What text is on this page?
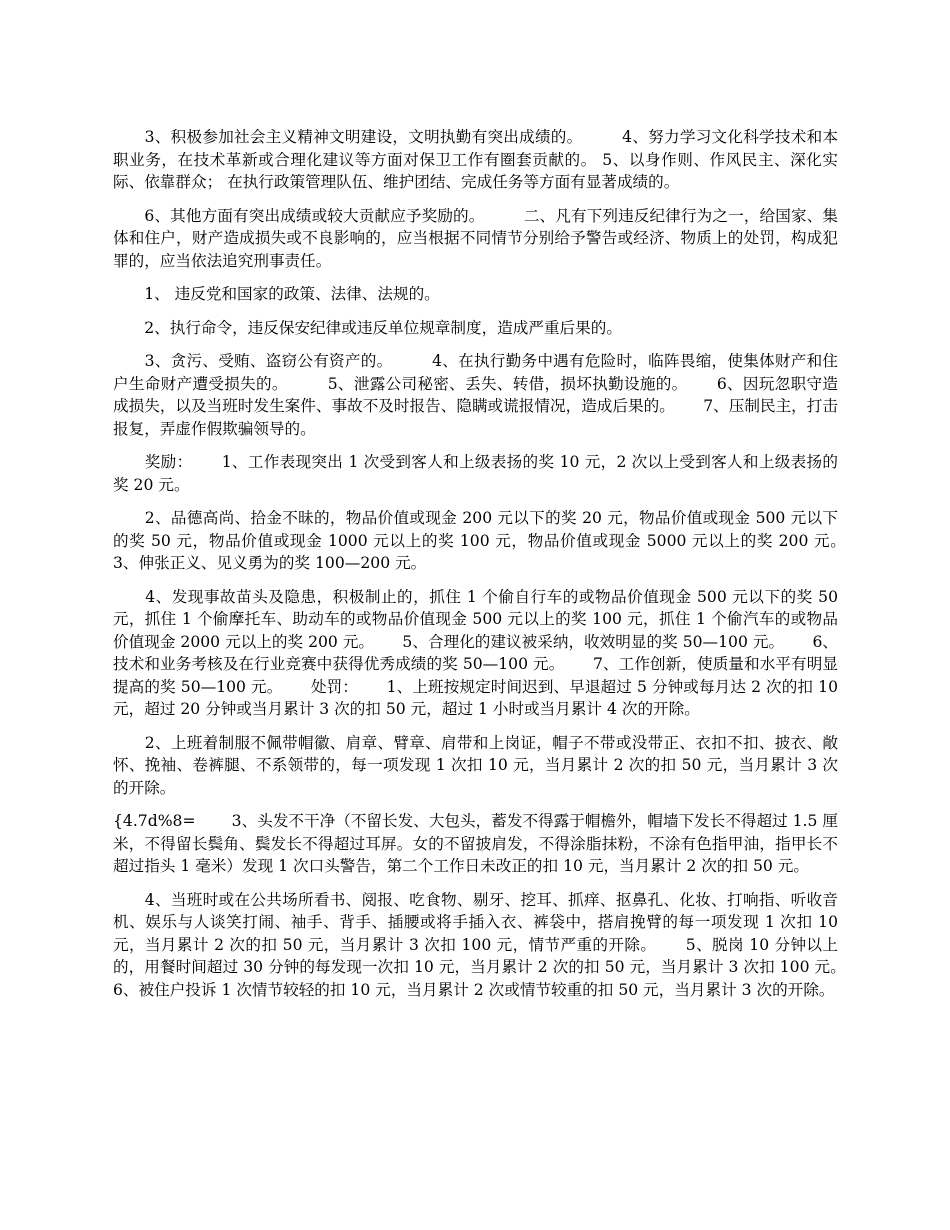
　　3、积极参加社会主义精神文明建设，文明执勤有突出成绩的。　　　4、努力学习文化科学技术和本职业务，在技术革新或合理化建议等方面对保卫工作有圈套贡献的。 5、以身作则、作风民主、深化实际、依靠群众； 在执行政策管理队伍、维护团结、完成任务等方面有显著成绩的。

　　6、其他方面有突出成绩或较大贡献应予奖励的。　　　二、凡有下列违反纪律行为之一，给国家、集体和住户，财产造成损失或不良影响的，应当根据不同情节分别给予警告或经济、物质上的处罚，构成犯罪的，应当依法追究刑事责任。

　　1、 违反党和国家的政策、法律、法规的。

　　2、执行命令，违反保安纪律或违反单位规章制度，造成严重后果的。

　　3、贪污、受贿、盗窃公有资产的。　　　4、在执行勤务中遇有危险时，临阵畏缩，使集体财产和住户生命财产遭受损失的。　　　5、泄露公司秘密、丢失、转借，损坏执勤设施的。　　 6、因玩忽职守造成损失，以及当班时发生案件、事故不及时报告、隐瞒或谎报情况，造成后果的。　　 7、压制民主，打击报复，弄虚作假欺骗领导的。

　　奖励：　　 1、工作表现突出 1 次受到客人和上级表扬的奖 10 元，2 次以上受到客人和上级表扬的奖 20 元。

　　2、品德高尚、拾金不昧的，物品价值或现金 200 元以下的奖 20 元，物品价值或现金 500 元以下的奖 50 元，物品价值或现金 1000 元以上的奖 100 元，物品价值或现金 5000 元以上的奖 200 元。　　 3、伸张正义、见义勇为的奖 100—200 元。

　　4、发现事故苗头及隐患，积极制止的，抓住 1 个偷自行车的或物品价值现金 500 元以下的奖 50 元，抓住 1 个偷摩托车、助动车的或物品价值现金 500 元以上的奖 100 元，抓住 1 个偷汽车的或物品价值现金 2000 元以上的奖 200 元。　　 5、合理化的建议被采纳，收效明显的奖 50—100 元。　　 6、技术和业务考核及在行业竞赛中获得优秀成绩的奖 50—100 元。　　 7、工作创新，使质量和水平有明显提高的奖 50—100 元。　　 处罚：　　 1、上班按规定时间迟到、早退超过 5 分钟或每月达 2 次的扣 10 元，超过 20 分钟或当月累计 3 次的扣 50 元，超过 1 小时或当月累计 4 次的开除。

　　2、上班着制服不佩带帽徽、肩章、臂章、肩带和上岗证，帽子不带或没带正、衣扣不扣、披衣、敞怀、挽袖、卷裤腿、不系领带的，每一项发现 1 次扣 10 元，当月累计 2 次的扣 50 元，当月累计 3 次的开除。

{4.7d%8=　　 3、头发不干净（不留长发、大包头，蓄发不得露于帽檐外，帽墙下发长不得超过 1.5 厘米，不得留长鬓角、鬓发长不得超过耳屏。女的不留披肩发，不得涂脂抹粉，不涂有色指甲油，指甲长不超过指头 1 毫米）发现 1 次口头警告，第二个工作日未改正的扣 10 元，当月累计 2 次的扣 50 元。

　　4、当班时或在公共场所看书、阅报、吃食物、剔牙、挖耳、抓痒、抠鼻孔、化妆、打响指、听收音机、娱乐与人谈笑打闹、袖手、背手、插腰或将手插入衣、裤袋中，搭肩挽臂的每一项发现 1 次扣 10 元，当月累计 2 次的扣 50 元，当月累计 3 次扣 100 元，情节严重的开除。　　 5、脱岗 10 分钟以上的，用餐时间超过 30 分钟的每发现一次扣 10 元，当月累计 2 次的扣 50 元，当月累计 3 次扣 100 元。　　 6、被住户投诉 1 次情节较轻的扣 10 元，当月累计 2 次或情节较重的扣 50 元，当月累计 3 次的开除。
